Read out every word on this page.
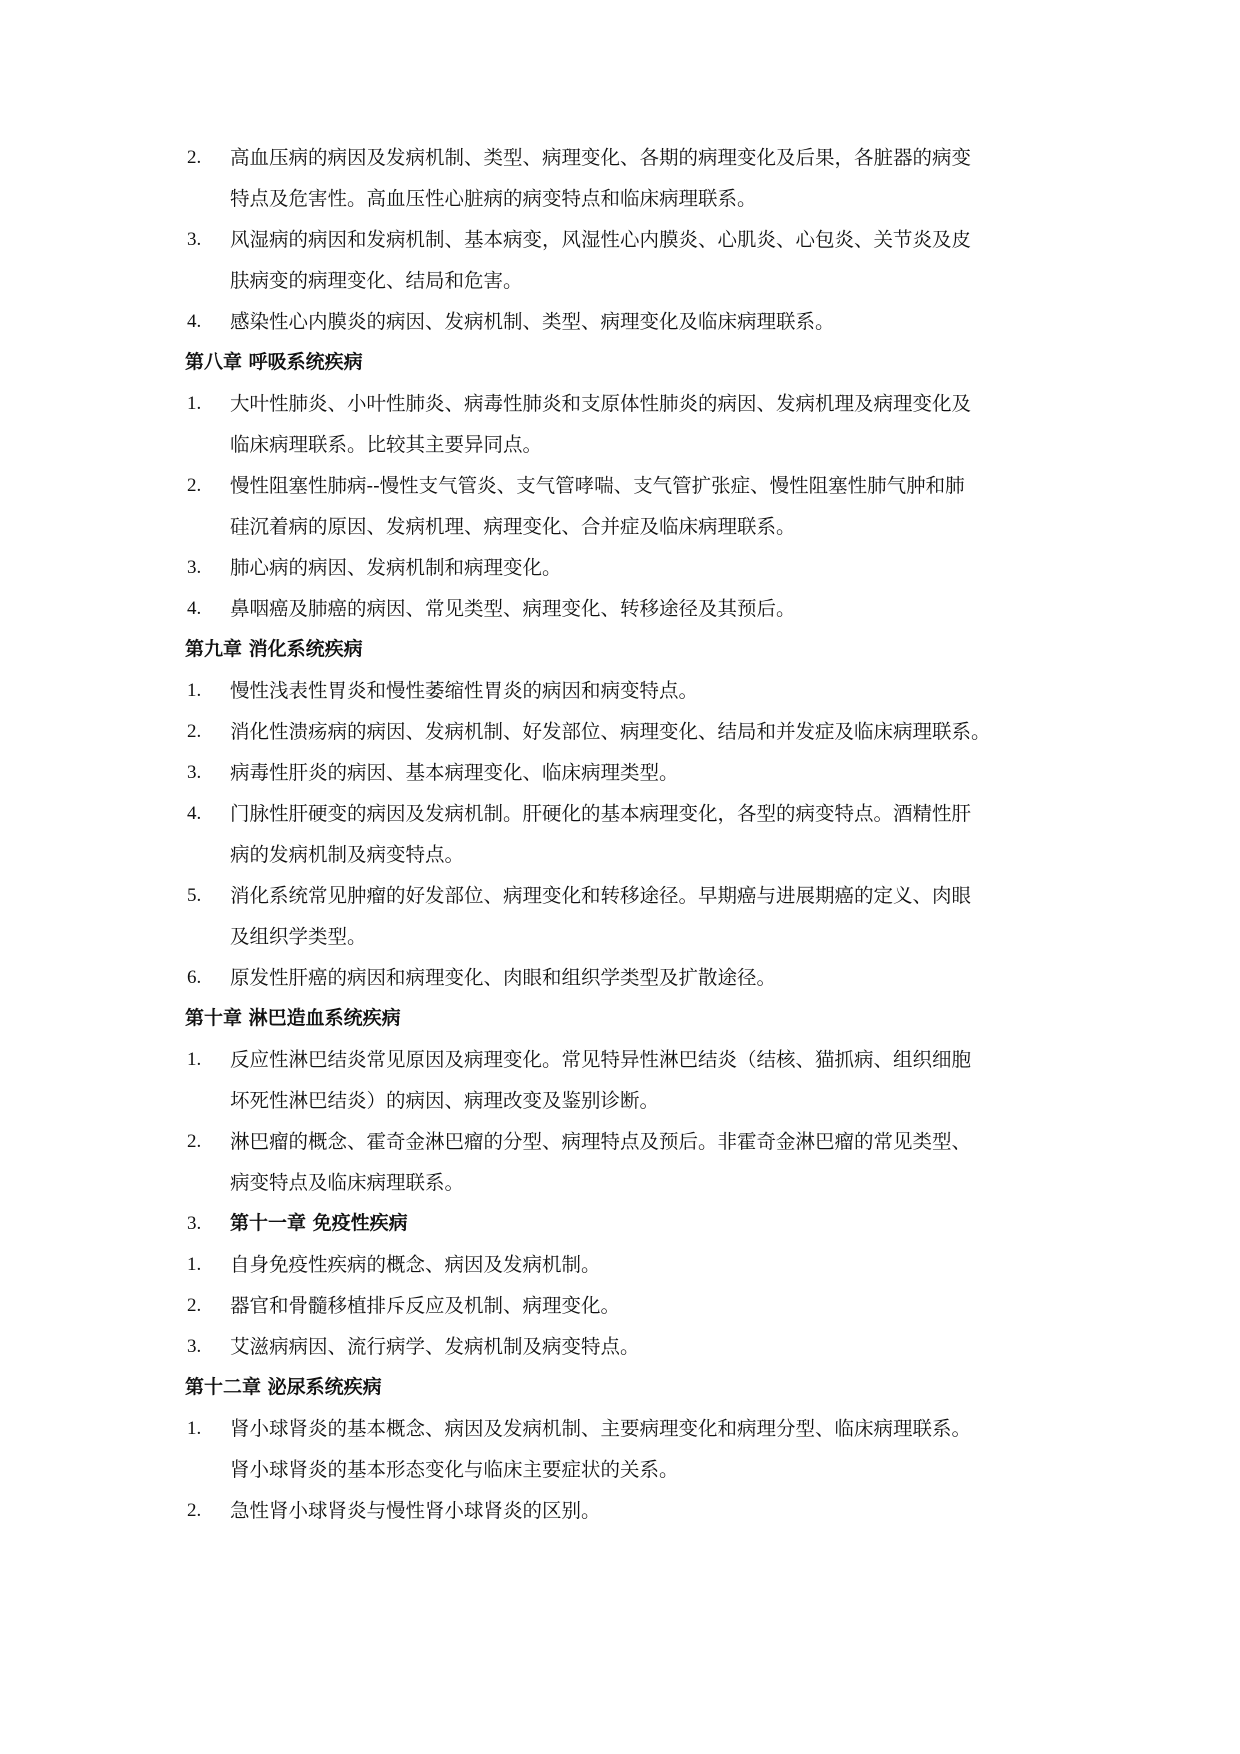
2. 高血压病的病因及发病机制、类型、病理变化、各期的病理变化及后果，各脏器的病变
特点及危害性。高血压性心脏病的病变特点和临床病理联系。
3. 风湿病的病因和发病机制、基本病变，风湿性心内膜炎、心肌炎、心包炎、关节炎及皮
肤病变的病理变化、结局和危害。
4. 感染性心内膜炎的病因、发病机制、类型、病理变化及临床病理联系。
第八章 呼吸系统疾病
1. 大叶性肺炎、小叶性肺炎、病毒性肺炎和支原体性肺炎的病因、发病机理及病理变化及
临床病理联系。比较其主要异同点。
2. 慢性阻塞性肺病--慢性支气管炎、支气管哮喘、支气管扩张症、慢性阻塞性肺气肿和肺
硅沉着病的原因、发病机理、病理变化、合并症及临床病理联系。
3. 肺心病的病因、发病机制和病理变化。
4. 鼻咽癌及肺癌的病因、常见类型、病理变化、转移途径及其预后。
第九章 消化系统疾病
1. 慢性浅表性胃炎和慢性萎缩性胃炎的病因和病变特点。
2. 消化性溃疡病的病因、发病机制、好发部位、病理变化、结局和并发症及临床病理联系。
3. 病毒性肝炎的病因、基本病理变化、临床病理类型。
4. 门脉性肝硬变的病因及发病机制。肝硬化的基本病理变化，各型的病变特点。酒精性肝
病的发病机制及病变特点。
5. 消化系统常见肿瘤的好发部位、病理变化和转移途径。早期癌与进展期癌的定义、肉眼
及组织学类型。
6. 原发性肝癌的病因和病理变化、肉眼和组织学类型及扩散途径。
第十章 淋巴造血系统疾病
1. 反应性淋巴结炎常见原因及病理变化。常见特异性淋巴结炎（结核、猫抓病、组织细胞
坏死性淋巴结炎）的病因、病理改变及鉴别诊断。
2. 淋巴瘤的概念、霍奇金淋巴瘤的分型、病理特点及预后。非霍奇金淋巴瘤的常见类型、
病变特点及临床病理联系。
3. 第十一章 免疫性疾病
1. 自身免疫性疾病的概念、病因及发病机制。
2. 器官和骨髓移植排斥反应及机制、病理变化。
3. 艾滋病病因、流行病学、发病机制及病变特点。
第十二章 泌尿系统疾病
1. 肾小球肾炎的基本概念、病因及发病机制、主要病理变化和病理分型、临床病理联系。
肾小球肾炎的基本形态变化与临床主要症状的关系。
2. 急性肾小球肾炎与慢性肾小球肾炎的区别。
